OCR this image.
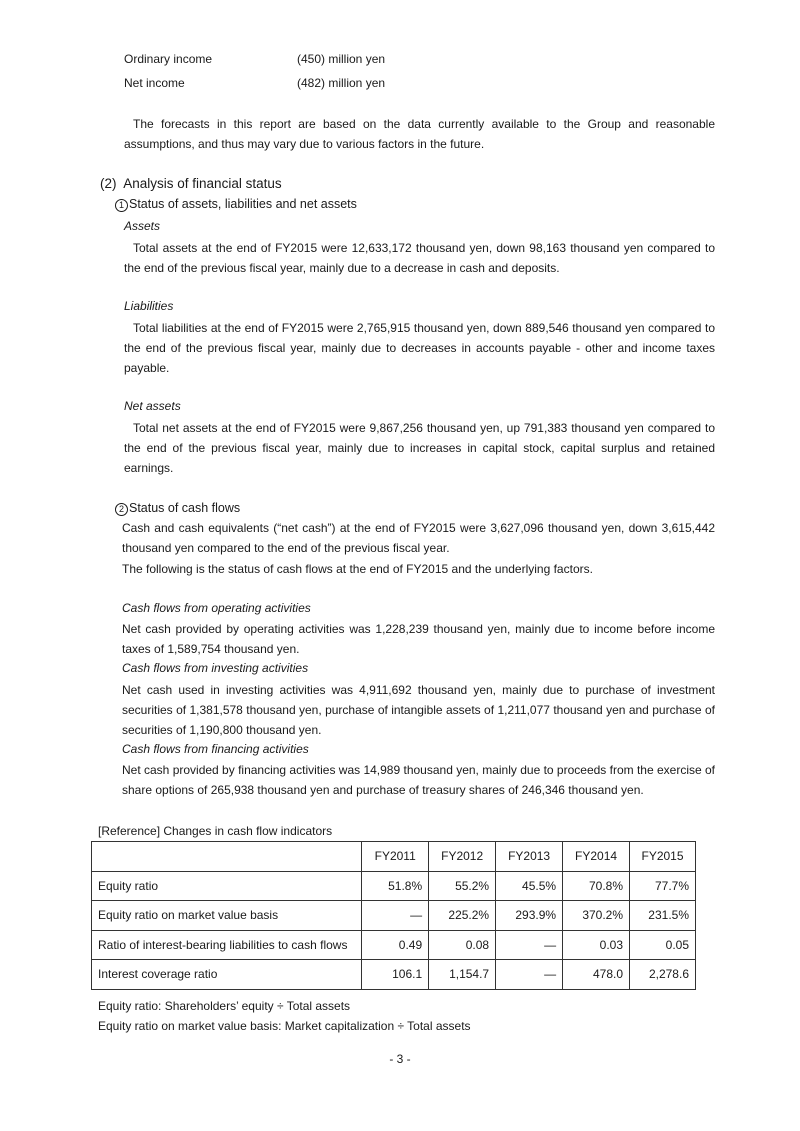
Ordinary income	(450) million yen
Net income	(482) million yen
The forecasts in this report are based on the data currently available to the Group and reasonable assumptions, and thus may vary due to various factors in the future.
(2) Analysis of financial status
1 Status of assets, liabilities and net assets
Assets
Total assets at the end of FY2015 were 12,633,172 thousand yen, down 98,163 thousand yen compared to the end of the previous fiscal year, mainly due to a decrease in cash and deposits.
Liabilities
Total liabilities at the end of FY2015 were 2,765,915 thousand yen, down 889,546 thousand yen compared to the end of the previous fiscal year, mainly due to decreases in accounts payable - other and income taxes payable.
Net assets
Total net assets at the end of FY2015 were 9,867,256 thousand yen, up 791,383 thousand yen compared to the end of the previous fiscal year, mainly due to increases in capital stock, capital surplus and retained earnings.
2 Status of cash flows
Cash and cash equivalents (“net cash”) at the end of FY2015 were 3,627,096 thousand yen, down 3,615,442 thousand yen compared to the end of the previous fiscal year.
The following is the status of cash flows at the end of FY2015 and the underlying factors.
Cash flows from operating activities
Net cash provided by operating activities was 1,228,239 thousand yen, mainly due to income before income taxes of 1,589,754 thousand yen.
Cash flows from investing activities
Net cash used in investing activities was 4,911,692 thousand yen, mainly due to purchase of investment securities of 1,381,578 thousand yen, purchase of intangible assets of 1,211,077 thousand yen and purchase of securities of 1,190,800 thousand yen.
Cash flows from financing activities
Net cash provided by financing activities was 14,989 thousand yen, mainly due to proceeds from the exercise of share options of 265,938 thousand yen and purchase of treasury shares of 246,346 thousand yen.
[Reference] Changes in cash flow indicators
	FY2011	FY2012	FY2013	FY2014	FY2015
Equity ratio	51.8%	55.2%	45.5%	70.8%	77.7%
Equity ratio on market value basis	—	225.2%	293.9%	370.2%	231.5%
Ratio of interest-bearing liabilities to cash flows	0.49	0.08	—	0.03	0.05
Interest coverage ratio	106.1	1,154.7	—	478.0	2,278.6
Equity ratio: Shareholders’ equity ÷ Total assets
Equity ratio on market value basis: Market capitalization ÷ Total assets
- 3 -
